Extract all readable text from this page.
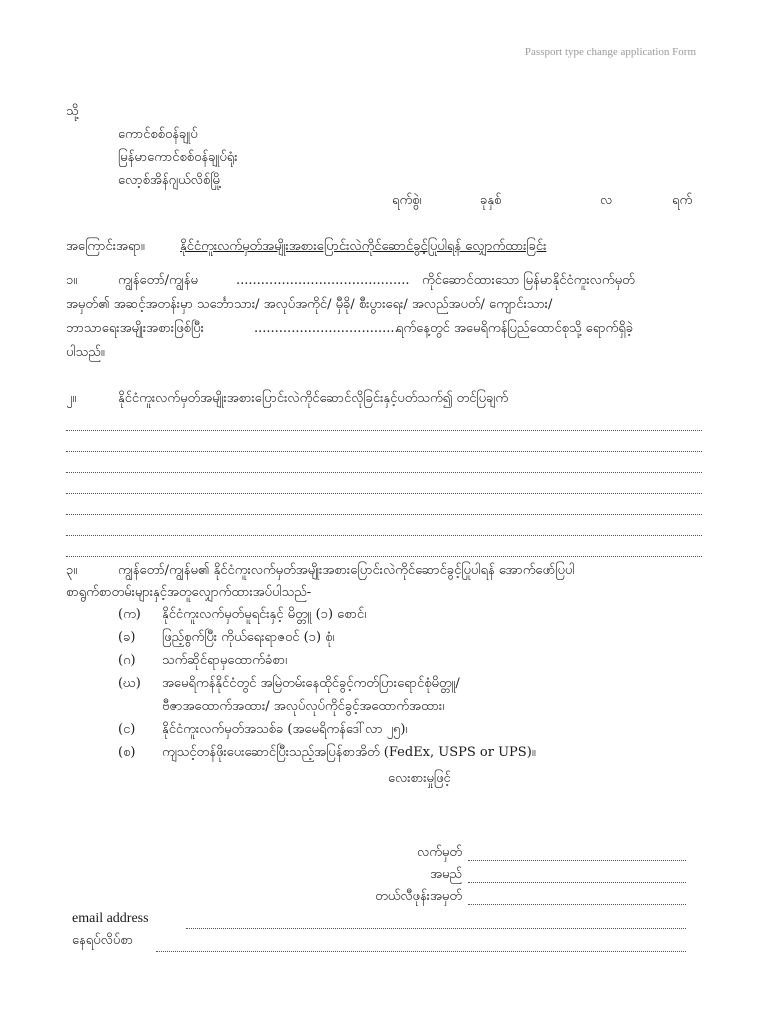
Passport type change application Form
သို့
ကောင်စစ်ဝန်ချုပ်
မြန်မာကောင်စစ်ဝန်ချုပ်ရုံး
လော့စ်အိန်ဂျယ်လိစ်မြို့
ရက်စွဲ၊	ခုနှစ်	လ	ရက်
အကြောင်းအရာ။	နိုင်ငံကူးလက်မှတ်အမျိုးအစားပြောင်းလဲကိုင်ဆောင်ခွင့်ပြုပါရန် လျှောက်ထားခြင်း
၁။	ကျွန်တော်/ကျွန်မ	.......................................... ကိုင်ဆောင်ထားသော မြန်မာနိုင်ငံကူးလက်မှတ်
အမှတ်၏ အဆင့်အတန်းမှာ သင်္ဘောသား/ အလုပ်အကိုင်/ မှီခို/ စီးပွားရေး/ အလည်အပတ်/ ကျောင်းသား/
ဘာသာရေးအမျိုးအစားဖြစ်ပြီး	...................................
ရက်နေ့တွင် အမေရိကန်ပြည်ထောင်စုသို့ ရောက်ရှိခဲ့
ပါသည်။
၂။	နိုင်ငံကူးလက်မှတ်အမျိုးအစားပြောင်းလဲကိုင်ဆောင်လိုခြင်းနှင့်ပတ်သက်၍ တင်ပြချက်
၃။	ကျွန်တော်/ကျွန်မ၏ နိုင်ငံကူးလက်မှတ်အမျိုးအစားပြောင်းလဲကိုင်ဆောင်ခွင့်ပြုပါရန် အောက်ဖော်ပြပါ
စာရွက်စာတမ်းများနှင့်အတူလျှောက်ထားအပ်ပါသည်-
(က) နိုင်ငံကူးလက်မှတ်မူရင်းနှင့် မိတ္တူ (၁) စောင်၊
(ခ) ဖြည့်စွက်ပြီး ကိုယ်ရေးရာဇဝင် (၁) စုံ၊
(ဂ) သက်ဆိုင်ရာမှထောက်ခံစာ၊
(ဃ) အမေရိကန်နိုင်ငံတွင် အမြဲတမ်းနေထိုင်ခွင့်ကတ်ပြားရောင်စုံမိတ္တူ/
ဗီဇာအထောက်အထား/ အလုပ်လုပ်ကိုင်ခွင့်အထောက်အထား၊
(င) နိုင်ငံကူးလက်မှတ်အသစ်ခ (အမေရိကန်ဒေါ်လာ ၂၅)၊
(စ) ကျသင့်တန်ဖိုးပေးဆောင်ပြီးသည့်အပြန်စာအိတ် (FedEx, USPS or UPS)။
လေးစားမှုဖြင့်
လက်မှတ်
အမည်
တယ်လီဖုန်းအမှတ်
email address
နေရပ်လိပ်စာ
